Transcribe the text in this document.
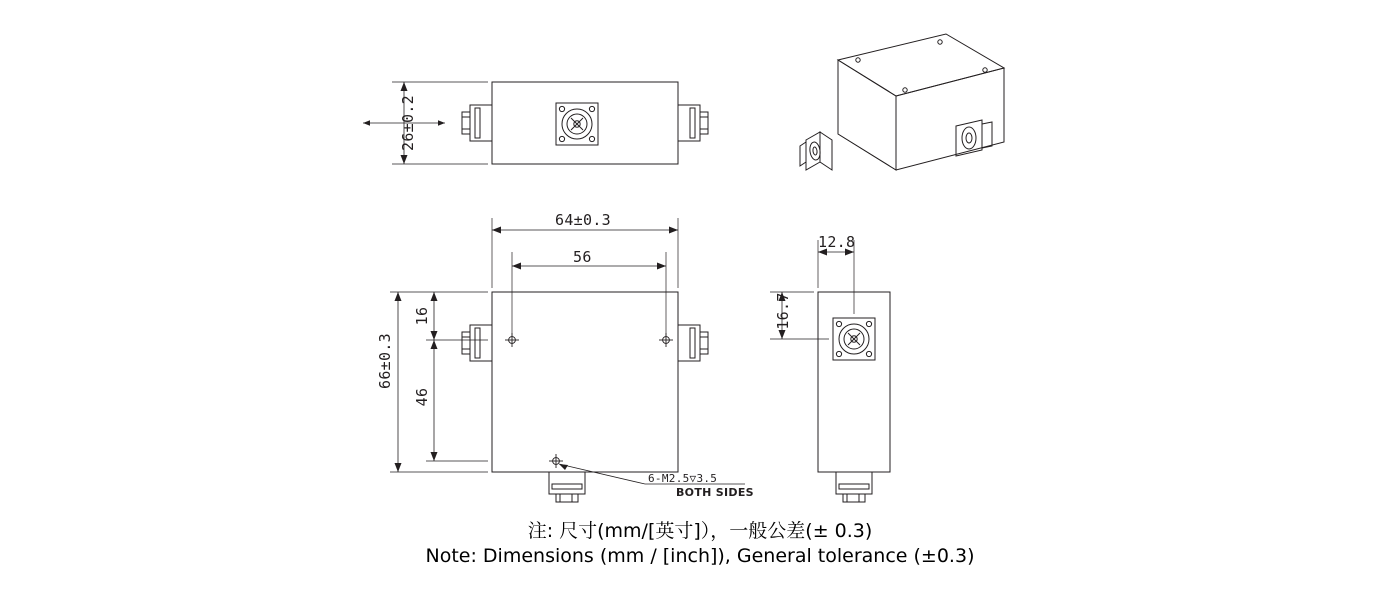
26±0.2
64±0.3
56
66±0.3
16
46
12.8
16.7
6-M2.5▽3.5
BOTH SIDES
注: 尺寸(mm/[英寸]），一般公差(± 0.3)
Note: Dimensions (mm / [inch]), General tolerance (±0.3)
